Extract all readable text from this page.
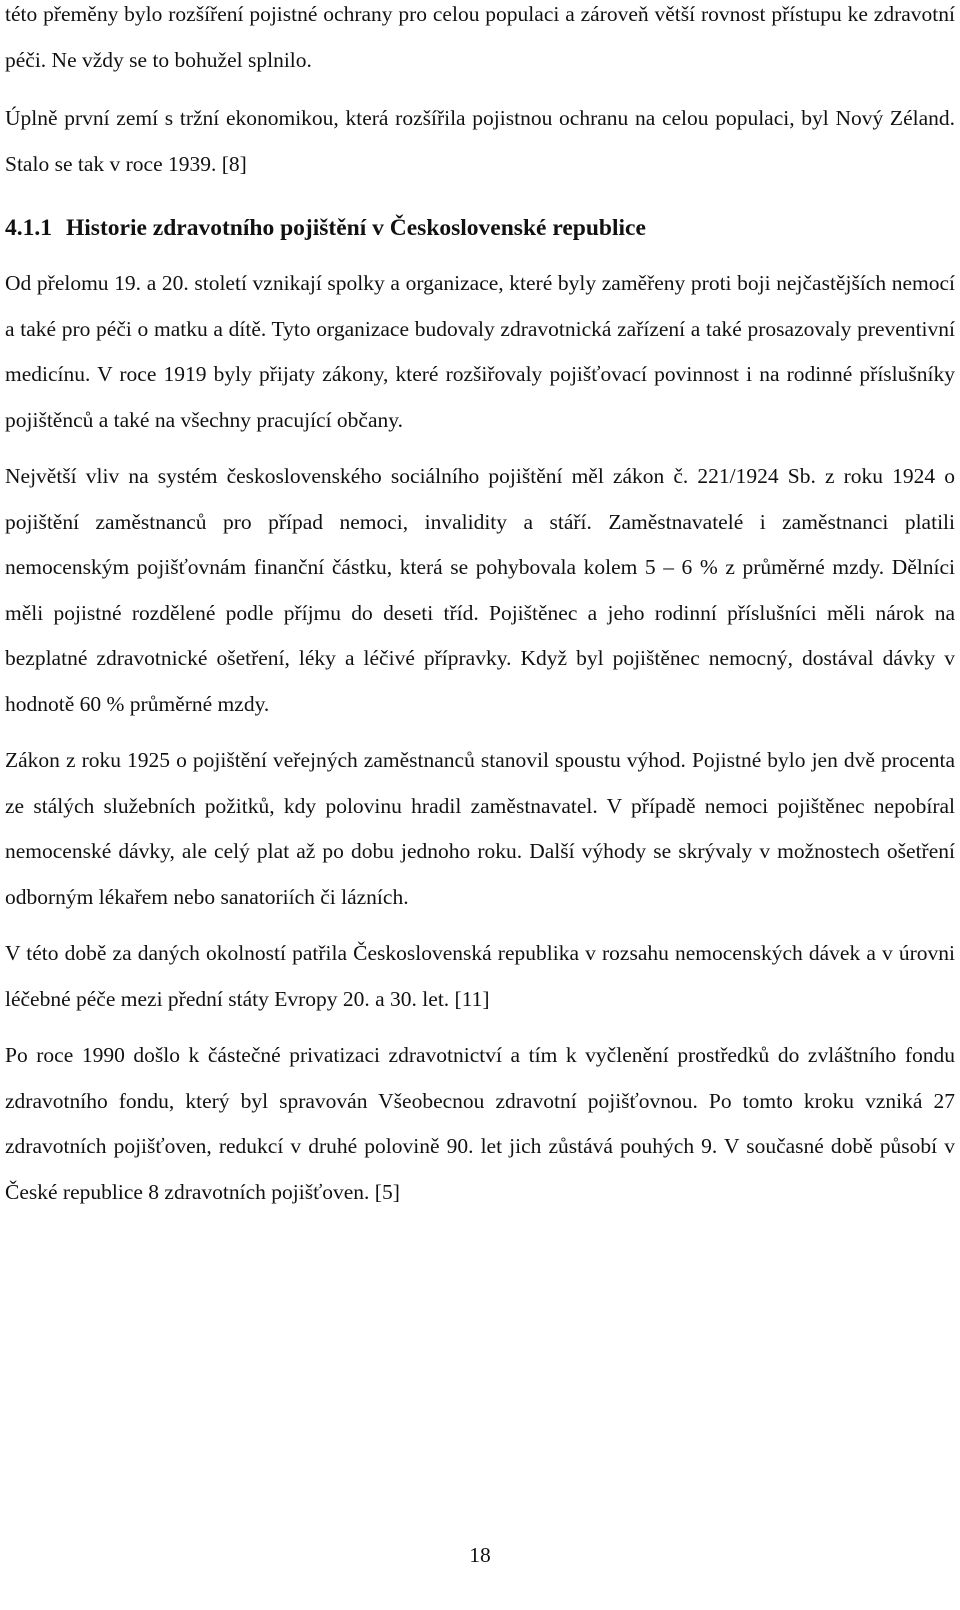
této přeměny bylo rozšíření pojistné ochrany pro celou populaci a zároveň větší rovnost přístupu ke zdravotní péči. Ne vždy se to bohužel splnilo.

Úplně první zemí s tržní ekonomikou, která rozšířila pojistnou ochranu na celou populaci, byl Nový Zéland. Stalo se tak v roce 1939. [8]

4.1.1 Historie zdravotního pojištění v Československé republice

Od přelomu 19. a 20. století vznikají spolky a organizace, které byly zaměřeny proti boji nejčastějších nemocí a také pro péči o matku a dítě. Tyto organizace budovaly zdravotnická zařízení a také prosazovaly preventivní medicínu. V roce 1919 byly přijaty zákony, které rozšiřovaly pojišťovací povinnost i na rodinné příslušníky pojištěnců a také na všechny pracující občany.

Největší vliv na systém československého sociálního pojištění měl zákon č. 221/1924 Sb. z roku 1924 o pojištění zaměstnanců pro případ nemoci, invalidity a stáří. Zaměstnavatelé i zaměstnanci platili nemocenským pojišťovnám finanční částku, která se pohybovala kolem 5 – 6 % z průměrné mzdy. Dělníci měli pojistné rozdělené podle příjmu do deseti tříd. Pojištěnec a jeho rodinní příslušníci měli nárok na bezplatné zdravotnické ošetření, léky a léčivé přípravky. Když byl pojištěnec nemocný, dostával dávky v hodnotě 60 % průměrné mzdy.

Zákon z roku 1925 o pojištění veřejných zaměstnanců stanovil spoustu výhod. Pojistné bylo jen dvě procenta ze stálých služebních požitků, kdy polovinu hradil zaměstnavatel. V případě nemoci pojištěnec nepobíral nemocenské dávky, ale celý plat až po dobu jednoho roku. Další výhody se skrývaly v možnostech ošetření odborným lékařem nebo sanatoriích či lázních.

V této době za daných okolností patřila Československá republika v rozsahu nemocenských dávek a v úrovni léčebné péče mezi přední státy Evropy 20. a 30. let. [11]

Po roce 1990 došlo k částečné privatizaci zdravotnictví a tím k vyčlenění prostředků do zvláštního fondu zdravotního fondu, který byl spravován Všeobecnou zdravotní pojišťovnou. Po tomto kroku vzniká 27 zdravotních pojišťoven, redukcí v druhé polovině 90. let jich zůstává pouhých 9. V současné době působí v České republice 8 zdravotních pojišťoven. [5]

18
